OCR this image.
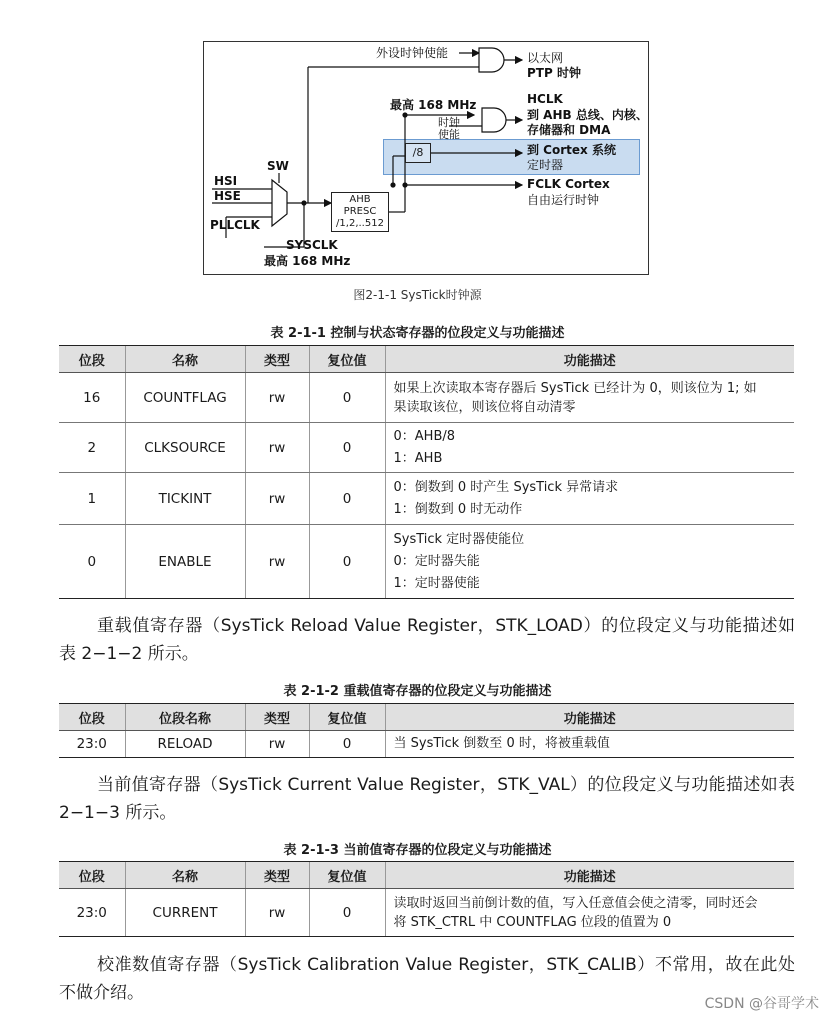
/8
AHB
PRESC
/1,2,..512
外设时钟使能	以太网
PTP 时钟
最高 168 MHz	HCLK
到 AHB 总线、内核、
存储器和 DMA
时钟
使能
到 Cortex 系统
定时器
FCLK Cortex
自由运行时钟
HSI
HSE
PLLCLK
SW
SYSCLK
最高 168 MHz
图2-1-1 SysTick时钟源
表 2-1-1 控制与状态寄存器的位段定义与功能描述
位段	名称	类型	复位值	功能描述
16	COUNTFLAG	rw	0	如果上次读取本寄存器后 SysTick 已经计为 0，则该位为 1; 如
果读取该位，则该位将自动清零

2	CLKSOURCE	rw	0	0：AHB/8
1：AHB

1	TICKINT	rw	0	0：倒数到 0 时产生 SysTick 异常请求
1：倒数到 0 时无动作

0	ENABLE	rw	0	SysTick 定时器使能位
0：定时器失能
1：定时器使能
重载值寄存器（SysTick Reload Value Register，STK_LOAD）的位段定义与功能描述如表 2−1−2 所示。
表 2-1-2 重载值寄存器的位段定义与功能描述
位段	位段名称	类型	复位值	功能描述
23:0	RELOAD	rw	0	当 SysTick 倒数至 0 时，将被重载值
当前值寄存器（SysTick Current Value Register，STK_VAL）的位段定义与功能描述如表 2−1−3 所示。
表 2-1-3 当前值寄存器的位段定义与功能描述
位段	名称	类型	复位值	功能描述
23:0	CURRENT	rw	0	读取时返回当前倒计数的值，写入任意值会使之清零，同时还会
将 STK_CTRL 中 COUNTFLAG 位段的值置为 0
校准数值寄存器（SysTick Calibration Value Register，STK_CALIB）不常用，故在此处不做介绍。
CSDN @谷哥学术
